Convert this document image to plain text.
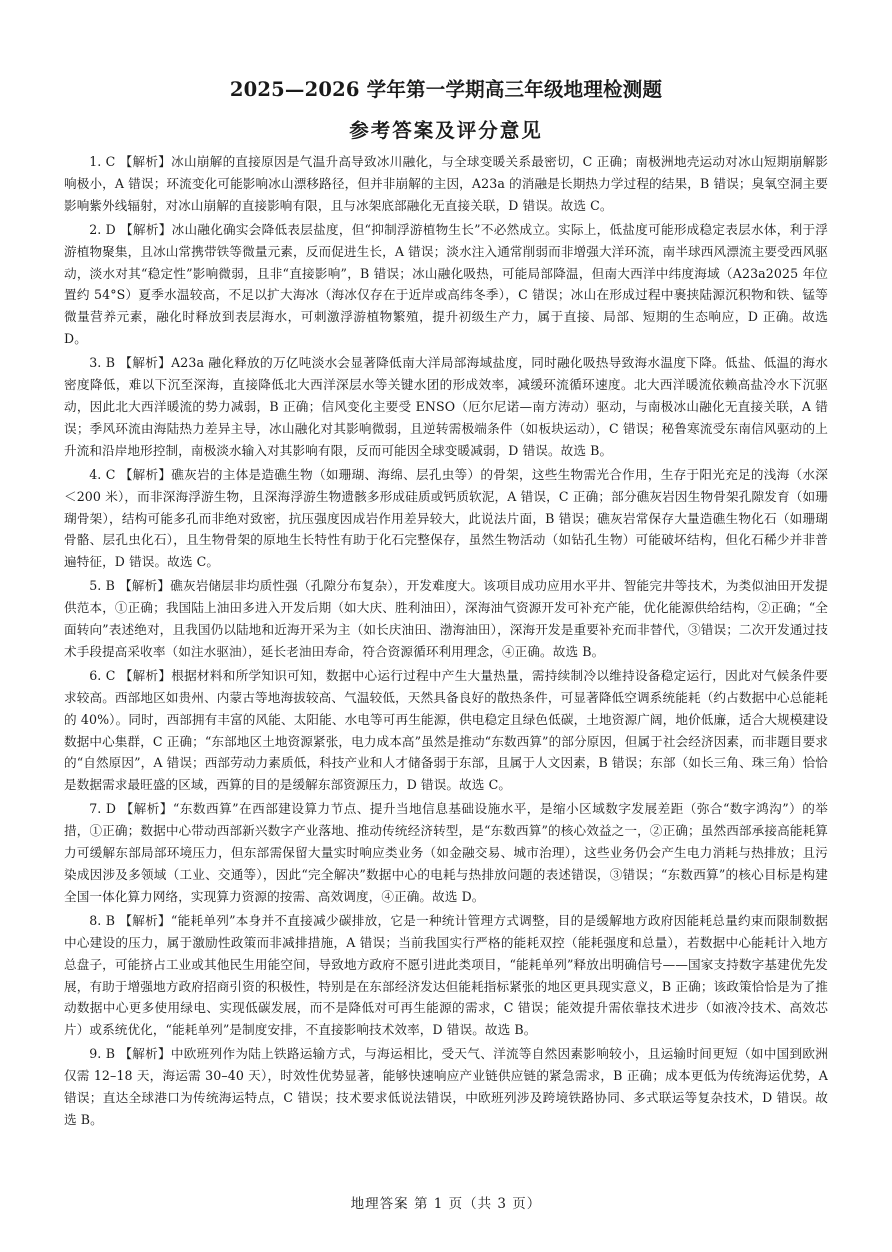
2025—2026 学年第一学期高三年级地理检测题
参考答案及评分意见

1. C 【解析】冰山崩解的直接原因是气温升高导致冰川融化，与全球变暖关系最密切，C 正确；南极洲地壳运动对冰山短期崩解影响极小，A 错误；环流变化可能影响冰山漂移路径，但并非崩解的主因，A23a 的消融是长期热力学过程的结果，B 错误；臭氧空洞主要影响紫外线辐射，对冰山崩解的直接影响有限，且与冰架底部融化无直接关联，D 错误。故选 C。

2. D 【解析】冰山融化确实会降低表层盐度，但“抑制浮游植物生长”不必然成立。实际上，低盐度可能形成稳定表层水体，利于浮游植物聚集，且冰山常携带铁等微量元素，反而促进生长，A 错误；淡水注入通常削弱而非增强大洋环流，南半球西风漂流主要受西风驱动，淡水对其“稳定性”影响微弱，且非“直接影响”，B 错误；冰山融化吸热，可能局部降温，但南大西洋中纬度海域（A23a2025 年位置约 54°S）夏季水温较高，不足以扩大海冰（海冰仅存在于近岸或高纬冬季），C 错误；冰山在形成过程中裹挟陆源沉积物和铁、锰等微量营养元素，融化时释放到表层海水，可刺激浮游植物繁殖，提升初级生产力，属于直接、局部、短期的生态响应，D 正确。故选 D。

3. B 【解析】A23a 融化释放的万亿吨淡水会显著降低南大洋局部海域盐度，同时融化吸热导致海水温度下降。低盐、低温的海水密度降低，难以下沉至深海，直接降低北大西洋深层水等关键水团的形成效率，减缓环流循环速度。北大西洋暖流依赖高盐冷水下沉驱动，因此北大西洋暖流的势力减弱，B 正确；信风变化主要受 ENSO（厄尔尼诺—南方涛动）驱动，与南极冰山融化无直接关联，A 错误；季风环流由海陆热力差异主导，冰山融化对其影响微弱，且逆转需极端条件（如板块运动），C 错误；秘鲁寒流受东南信风驱动的上升流和沿岸地形控制，南极淡水输入对其影响有限，反而可能因全球变暖减弱，D 错误。故选 B。

4. C 【解析】礁灰岩的主体是造礁生物（如珊瑚、海绵、层孔虫等）的骨架，这些生物需光合作用，生存于阳光充足的浅海（水深＜200 米），而非深海浮游生物，且深海浮游生物遗骸多形成硅质或钙质软泥，A 错误，C 正确；部分礁灰岩因生物骨架孔隙发育（如珊瑚骨架），结构可能多孔而非绝对致密，抗压强度因成岩作用差异较大，此说法片面，B 错误；礁灰岩常保存大量造礁生物化石（如珊瑚骨骼、层孔虫化石），且生物骨架的原地生长特性有助于化石完整保存，虽然生物活动（如钻孔生物）可能破坏结构，但化石稀少并非普遍特征，D 错误。故选 C。

5. B 【解析】礁灰岩储层非均质性强（孔隙分布复杂），开发难度大。该项目成功应用水平井、智能完井等技术，为类似油田开发提供范本，①正确；我国陆上油田多进入开发后期（如大庆、胜利油田），深海油气资源开发可补充产能，优化能源供给结构，②正确；“全面转向”表述绝对，且我国仍以陆地和近海开采为主（如长庆油田、渤海油田），深海开发是重要补充而非替代，③错误；二次开发通过技术手段提高采收率（如注水驱油），延长老油田寿命，符合资源循环利用理念，④正确。故选 B。

6. C 【解析】根据材料和所学知识可知，数据中心运行过程中产生大量热量，需持续制冷以维持设备稳定运行，因此对气候条件要求较高。西部地区如贵州、内蒙古等地海拔较高、气温较低，天然具备良好的散热条件，可显著降低空调系统能耗（约占数据中心总能耗的 40%）。同时，西部拥有丰富的风能、太阳能、水电等可再生能源，供电稳定且绿色低碳，土地资源广阔，地价低廉，适合大规模建设数据中心集群，C 正确；“东部地区土地资源紧张，电力成本高”虽然是推动“东数西算”的部分原因，但属于社会经济因素，而非题目要求的“自然原因”，A 错误；西部劳动力素质低，科技产业和人才储备弱于东部，且属于人文因素，B 错误；东部（如长三角、珠三角）恰恰是数据需求最旺盛的区域，西算的目的是缓解东部资源压力，D 错误。故选 C。

7. D 【解析】“东数西算”在西部建设算力节点、提升当地信息基础设施水平，是缩小区域数字发展差距（弥合“数字鸿沟”）的举措，①正确；数据中心带动西部新兴数字产业落地、推动传统经济转型，是“东数西算”的核心效益之一，②正确；虽然西部承接高能耗算力可缓解东部局部环境压力，但东部需保留大量实时响应类业务（如金融交易、城市治理），这些业务仍会产生电力消耗与热排放；且污染成因涉及多领域（工业、交通等），因此“完全解决”数据中心的电耗与热排放问题的表述错误，③错误；“东数西算”的核心目标是构建全国一体化算力网络，实现算力资源的按需、高效调度，④正确。故选 D。

8. B 【解析】“能耗单列”本身并不直接减少碳排放，它是一种统计管理方式调整，目的是缓解地方政府因能耗总量约束而限制数据中心建设的压力，属于激励性政策而非减排措施，A 错误；当前我国实行严格的能耗双控（能耗强度和总量），若数据中心能耗计入地方总盘子，可能挤占工业或其他民生用能空间，导致地方政府不愿引进此类项目，“能耗单列”释放出明确信号——国家支持数字基建优先发展，有助于增强地方政府招商引资的积极性，特别是在东部经济发达但能耗指标紧张的地区更具现实意义，B 正确；该政策恰恰是为了推动数据中心更多使用绿电、实现低碳发展，而不是降低对可再生能源的需求，C 错误；能效提升需依靠技术进步（如液冷技术、高效芯片）或系统优化，“能耗单列”是制度安排，不直接影响技术效率，D 错误。故选 B。

9. B 【解析】中欧班列作为陆上铁路运输方式，与海运相比，受天气、洋流等自然因素影响较小，且运输时间更短（如中国到欧洲仅需 12–18 天，海运需 30–40 天），时效性优势显著，能够快速响应产业链供应链的紧急需求，B 正确；成本更低为传统海运优势，A 错误；直达全球港口为传统海运特点，C 错误；技术要求低说法错误，中欧班列涉及跨境铁路协同、多式联运等复杂技术，D 错误。故选 B。

地理答案 第 1 页（共 3 页）
